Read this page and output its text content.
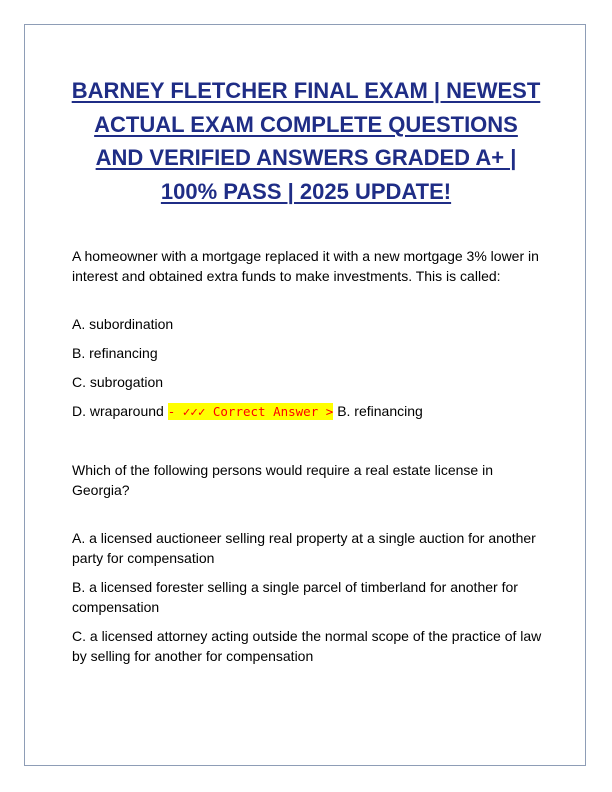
BARNEY FLETCHER FINAL EXAM | NEWEST ACTUAL EXAM COMPLETE QUESTIONS AND VERIFIED ANSWERS GRADED A+ | 100% PASS | 2025 UPDATE!

A homeowner with a mortgage replaced it with a new mortgage 3% lower in interest and obtained extra funds to make investments. This is called:

A. subordination

B. refinancing

C. subrogation

D. wraparound - ✓✓✓ Correct Answer > B. refinancing

Which of the following persons would require a real estate license in Georgia?

A. a licensed auctioneer selling real property at a single auction for another party for compensation

B. a licensed forester selling a single parcel of timberland for another for compensation

C. a licensed attorney acting outside the normal scope of the practice of law by selling for another for compensation
